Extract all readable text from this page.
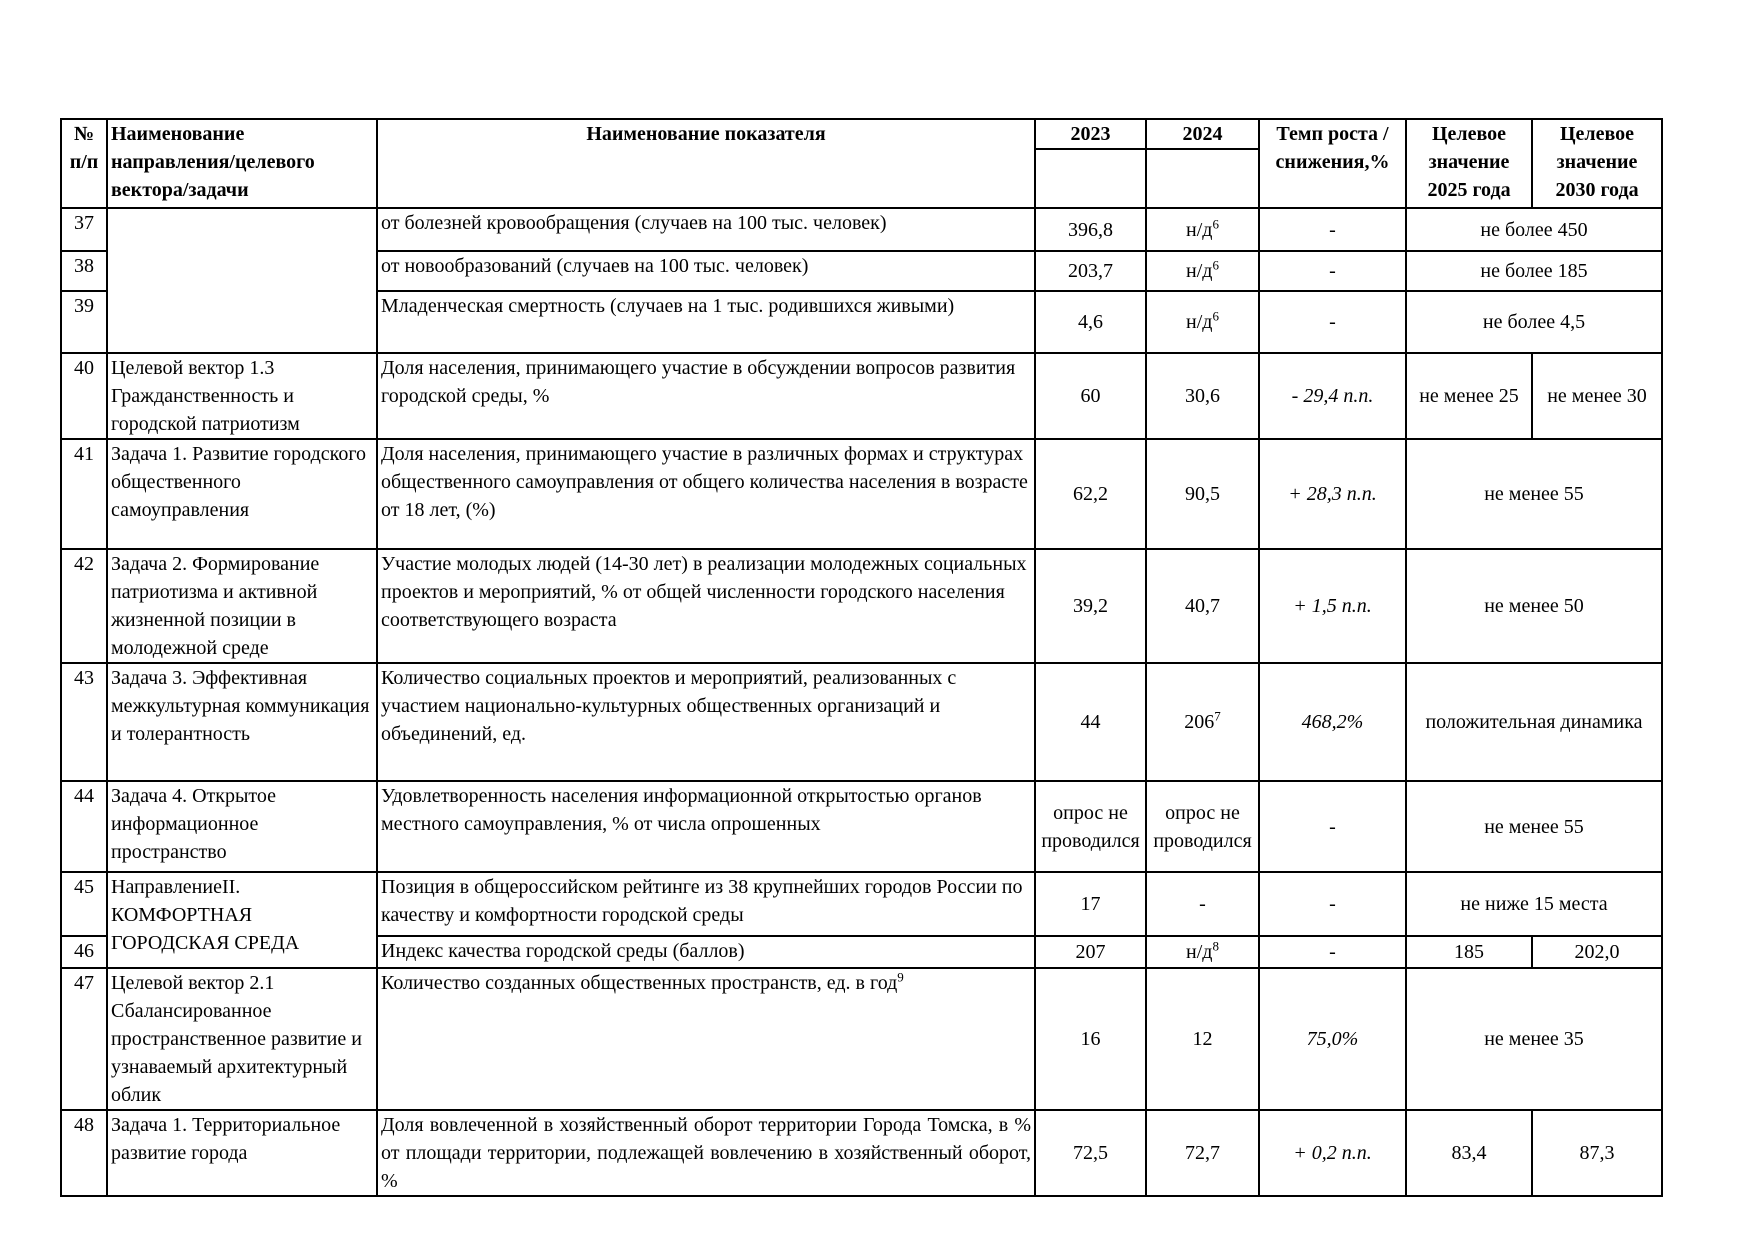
№ п/п	Наименование направления/целевого вектора/задачи	Наименование показателя	2023	2024	Темп роста / снижения,%	Целевое значение 2025 года	Целевое значение 2030 года

37		от болезней кровообращения (случаев на 100 тыс. человек)	396,8	$н/д^6$	-	не более 450	
38		от новообразований (случаев на 100 тыс. человек)	203,7	$н/д^6$	-	не более 185	
39		Младенческая смертность (случаев на 1 тыс. родившихся живыми)	4,6	$н/д^6$	-	не более 4,5	
40	Целевой вектор 1.3 Гражданственность и городской патриотизм	Доля населения, принимающего участие в обсуждении вопросов развития городской среды, %	60	30,6	- 29,4 п.п.	не менее 25	не менее 30
41	Задача 1. Развитие городского общественного самоуправления	Доля населения, принимающего участие в различных формах и структурах общественного самоуправления от общего количества населения в возрасте от 18 лет, (%)	62,2	90,5	+ 28,3 п.п.	не менее 55	
42	Задача 2. Формирование патриотизма и активной жизненной позиции в молодежной среде	Участие молодых людей (14-30 лет) в реализации молодежных социальных проектов и мероприятий, % от общей численности городского населения соответствующего возраста	39,2	40,7	+ 1,5 п.п.	не менее 50	
43	Задача 3. Эффективная межкультурная коммуникация и толерантность	Количество социальных проектов и мероприятий, реализованных с участием национально-культурных общественных организаций и объединений, ед.	44	$206^7$	468,2%	положительная динамика	
44	Задача 4. Открытое информационное пространство	Удовлетворенность населения информационной открытостью органов местного самоуправления, % от числа опрошенных	опрос не проводился	опрос не проводился	-	не менее 55	
45	НаправлениеII. КОМФОРТНАЯ ГОРОДСКАЯ СРЕДА	Позиция в общероссийском рейтинге из 38 крупнейших городов России по качеству и комфортности городской среды	17	-	-	не ниже 15 места	
46		Индекс качества городской среды (баллов)	207	$н/д^8$	-	185	202,0
47	Целевой вектор 2.1 Сбалансированное пространственное развитие и узнаваемый архитектурный облик	Количество созданных общественных пространств, ед. в год$^9$	16	12	75,0%	не менее 35	
48	Задача 1. Территориальное развитие города	Доля вовлеченной в хозяйственный оборот территории Города Томска, в % от площади территории, подлежащей вовлечению в хозяйственный оборот, %	72,5	72,7	+ 0,2 п.п.	83,4	87,3
